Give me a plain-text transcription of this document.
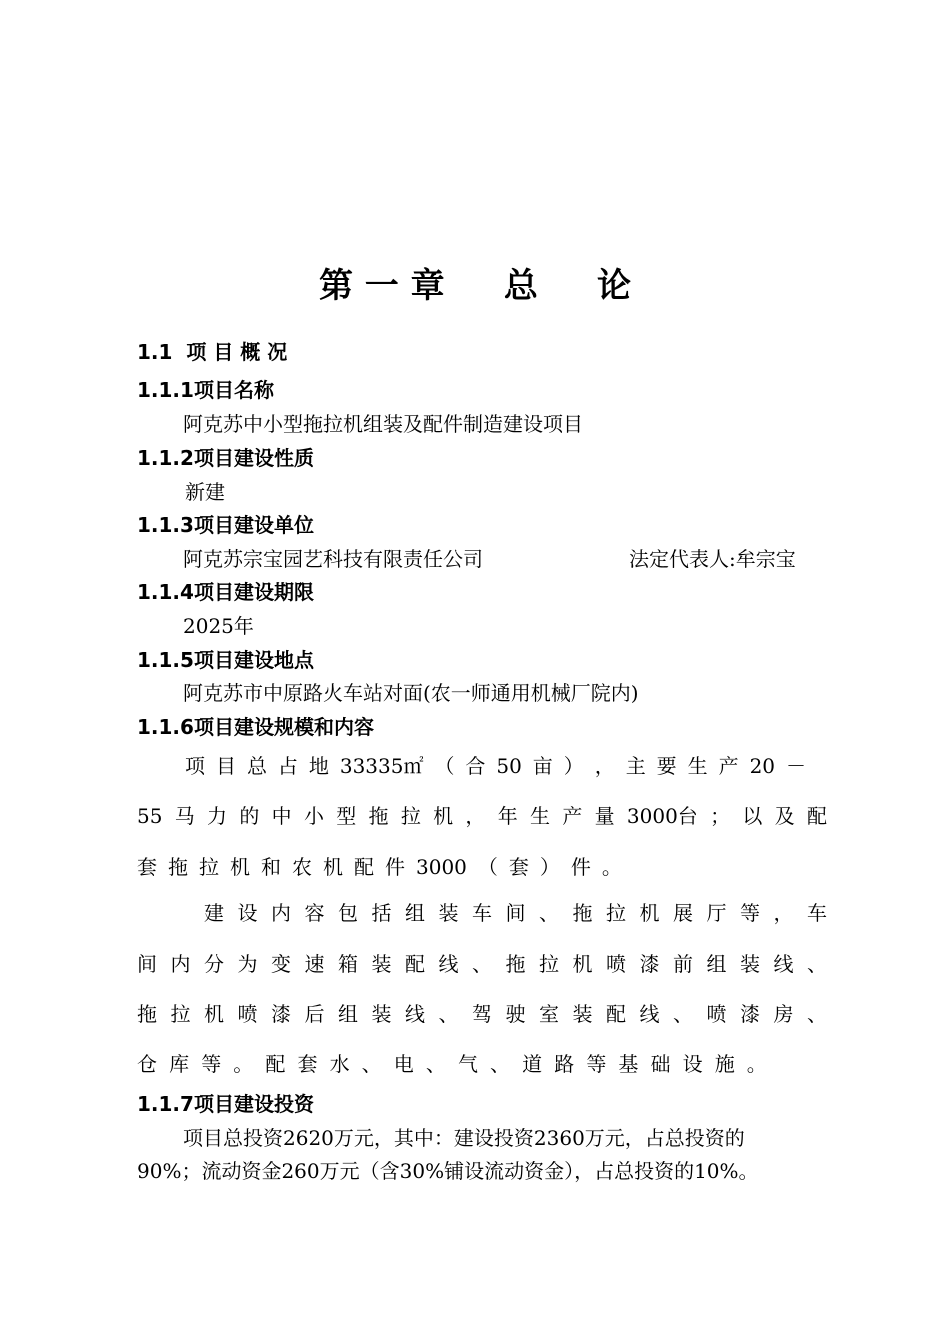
第 一 章     总     论
1.1  项 目 概 况
1.1.1项目名称
阿克苏中小型拖拉机组装及配件制造建设项目
1.1.2项目建设性质
新建
1.1.3项目建设单位
阿克苏宗宝园艺科技有限责任公司	法定代表人:牟宗宝
1.1.4项目建设期限
2025年
1.1.5项目建设地点
阿克苏市中原路火车站对面(农一师通用机械厂院内)
1.1.6项目建设规模和内容
项 目 总 占 地 33335㎡ （ 合 50 亩 ） ， 主 要 生 产 20 －
55 马 力 的 中 小 型 拖 拉 机 ， 年 生 产 量 3000台 ； 以 及 配
套 拖 拉 机 和 农 机 配 件 3000 （ 套 ） 件 。
建 设 内 容 包 括 组 装 车 间 、 拖 拉 机 展 厅 等 ， 车
间 内 分 为 变 速 箱 装 配 线 、 拖 拉 机 喷 漆 前 组 装 线 、
拖 拉 机 喷 漆 后 组 装 线 、 驾 驶 室 装 配 线 、 喷 漆 房 、
仓 库 等 。 配 套 水 、 电 、 气 、 道 路 等 基 础 设 施 。
1.1.7项目建设投资
项目总投资2620万元，其中：建设投资2360万元，占总投资的
90%；流动资金260万元（含30%铺设流动资金），占总投资的10%。
